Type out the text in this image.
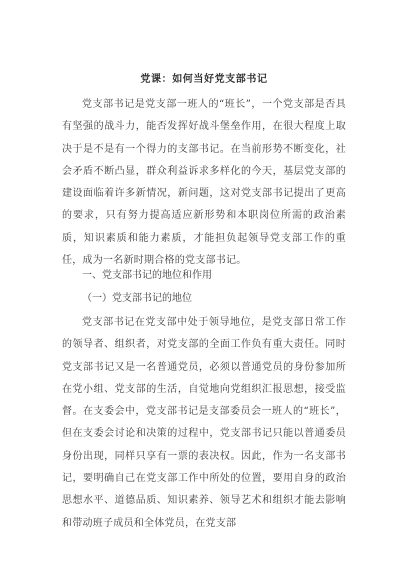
党课：如何当好党支部书记

党支部书记是党支部一班人的“班长”，一个党支部是否具有坚强的战斗力，能否发挥好战斗堡垒作用，在很大程度上取决于是不是有一个得力的支部书记。在当前形势不断变化，社会矛盾不断凸显，群众利益诉求多样化的今天，基层党支部的建设面临着许多新情况，新问题，这对党支部书记提出了更高的要求，只有努力提高适应新形势和本职岗位所需的政治素质，知识素质和能力素质，才能担负起领导党支部工作的重任，成为一名新时期合格的党支部书记。

一、党支部书记的地位和作用

（一）党支部书记的地位

党支部书记在党支部中处于领导地位，是党支部日常工作的领导者、组织者，对党支部的全面工作负有重大责任。同时党支部书记又是一名普通党员，必须以普通党员的身份参加所在党小组、党支部的生活，自觉地向党组织汇报思想，接受监督。在支委会中，党支部书记是支部委员会一班人的“班长”，但在支委会讨论和决策的过程中，党支部书记只能以普通委员身份出现，同样只享有一票的表决权。因此，作为一名支部书记，要明确自己在党支部工作中所处的位置，要用自身的政治思想水平、道德品质、知识素养、领导艺术和组织才能去影响和带动班子成员和全体党员，在党支部
